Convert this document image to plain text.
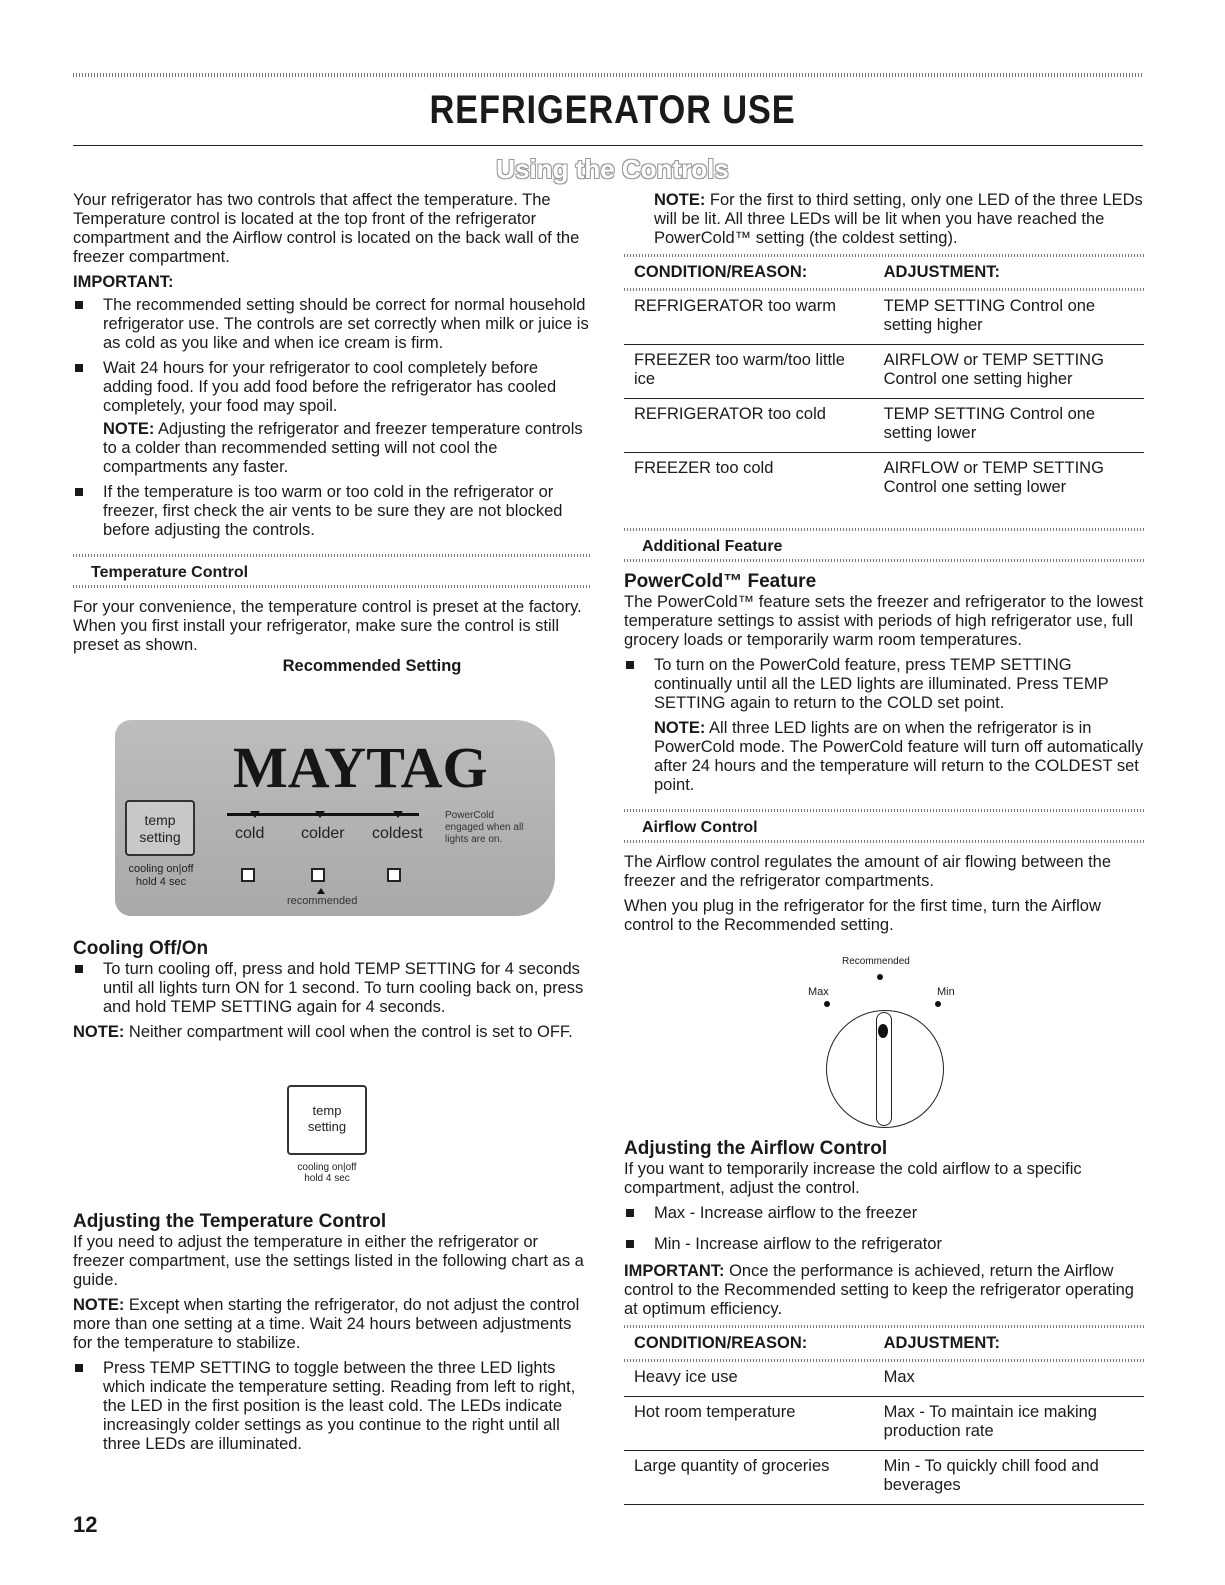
REFRIGERATOR USE
Using the Controls

Your refrigerator has two controls that affect the temperature. The Temperature control is located at the top front of the refrigerator compartment and the Airflow control is located on the back wall of the freezer compartment.

IMPORTANT:

The recommended setting should be correct for normal household refrigerator use. The controls are set correctly when milk or juice is as cold as you like and when ice cream is firm.
Wait 24 hours for your refrigerator to cool completely before adding food. If you add food before the refrigerator has cooled completely, your food may spoil.

NOTE: Adjusting the refrigerator and freezer temperature controls to a colder than recommended setting will not cool the compartments any faster.

If the temperature is too warm or too cold in the refrigerator or freezer, first check the air vents to be sure they are not blocked before adjusting the controls.
Temperature Control

For your convenience, the temperature control is preset at the factory. When you first install your refrigerator, make sure the control is still preset as shown.

Recommended Setting

MAYTAG
temp
setting
cooling on|off
hold 4 sec
cold colder coldest
PowerCold
engaged when all
lights are on.
recommended

Cooling Off/On

To turn cooling off, press and hold TEMP SETTING for 4 seconds until all lights turn ON for 1 second. To turn cooling back on, press and hold TEMP SETTING again for 4 seconds.

NOTE: Neither compartment will cool when the control is set to OFF.

temp
setting
cooling on|off
hold 4 sec

Adjusting the Temperature Control

If you need to adjust the temperature in either the refrigerator or freezer compartment, use the settings listed in the following chart as a guide.

NOTE: Except when starting the refrigerator, do not adjust the control more than one setting at a time. Wait 24 hours between adjustments for the temperature to stabilize.

Press TEMP SETTING to toggle between the three LED lights which indicate the temperature setting. Reading from left to right, the LED in the first position is the least cold. The LEDs indicate increasingly colder settings as you continue to the right until all three LEDs are illuminated.
12

NOTE: For the first to third setting, only one LED of the three LEDs will be lit. All three LEDs will be lit when you have reached the PowerCold™ setting (the coldest setting).

CONDITION/REASON:	ADJUSTMENT:

REFRIGERATOR too warm	TEMP SETTING Control one setting higher
FREEZER too warm/too little ice	AIRFLOW or TEMP SETTING Control one setting higher
REFRIGERATOR too cold	TEMP SETTING Control one setting lower
FREEZER too cold	AIRFLOW or TEMP SETTING Control one setting lower
Additional Feature

PowerCold™ Feature

The PowerCold™ feature sets the freezer and refrigerator to the lowest temperature settings to assist with periods of high refrigerator use, full grocery loads or temporarily warm room temperatures.

To turn on the PowerCold feature, press TEMP SETTING continually until all the LED lights are illuminated. Press TEMP SETTING again to return to the COLD set point.

NOTE: All three LED lights are on when the refrigerator is in PowerCold mode. The PowerCold feature will turn off automatically after 24 hours and the temperature will return to the COLDEST set point.

Airflow Control

The Airflow control regulates the amount of air flowing between the freezer and the refrigerator compartments.

When you plug in the refrigerator for the first time, turn the Airflow control to the Recommended setting.

Recommended
Max	Min

Adjusting the Airflow Control

If you want to temporarily increase the cold airflow to a specific compartment, adjust the control.

Max - Increase airflow to the freezer
Min - Increase airflow to the refrigerator

IMPORTANT: Once the performance is achieved, return the Airflow control to the Recommended setting to keep the refrigerator operating at optimum efficiency.

CONDITION/REASON:	ADJUSTMENT:

Heavy ice use	Max
Hot room temperature	Max - To maintain ice making production rate
Large quantity of groceries	Min - To quickly chill food and beverages
